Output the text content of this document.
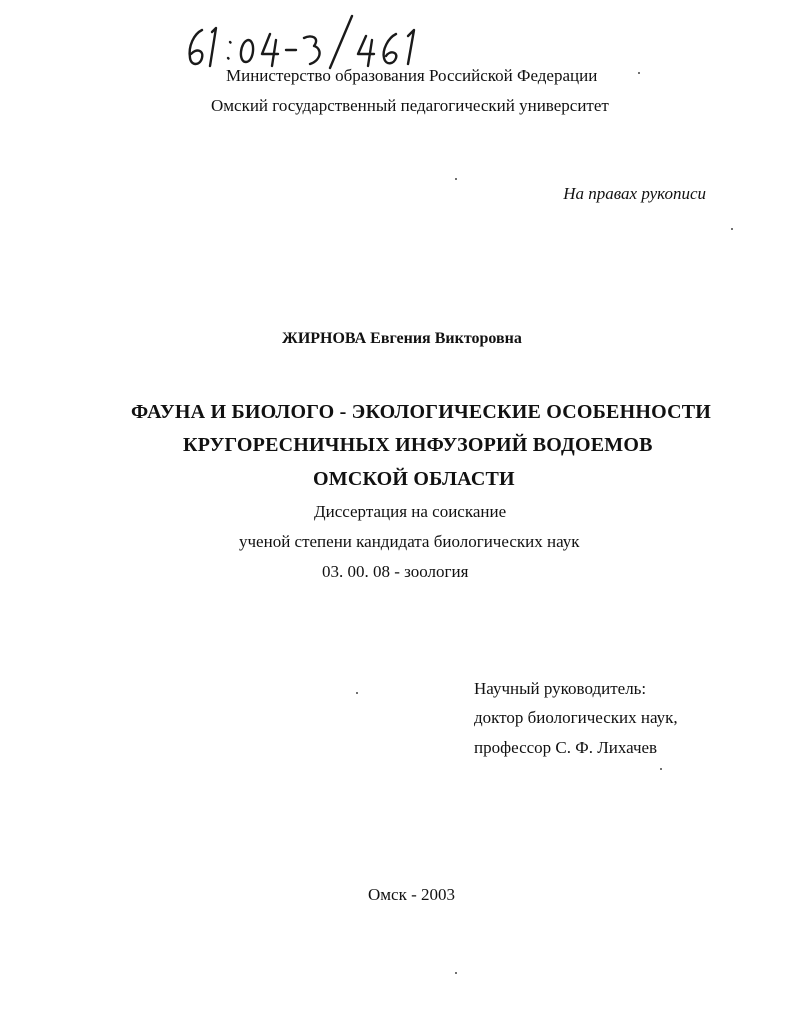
61:04-3/461
Министерство образования Российской Федерации
Омский государственный педагогический университет
На правах рукописи
ЖИРНОВА Евгения Викторовна
ФАУНА И БИОЛОГО - ЭКОЛОГИЧЕСКИЕ ОСОБЕННОСТИ
КРУГОРЕСНИЧНЫХ ИНФУЗОРИЙ ВОДОЕМОВ
ОМСКОЙ ОБЛАСТИ
Диссертация на соискание
ученой степени кандидата биологических наук
03. 00. 08 - зоология
Научный руководитель:
доктор биологических наук,
профессор С. Ф. Лихачев
Омск - 2003
